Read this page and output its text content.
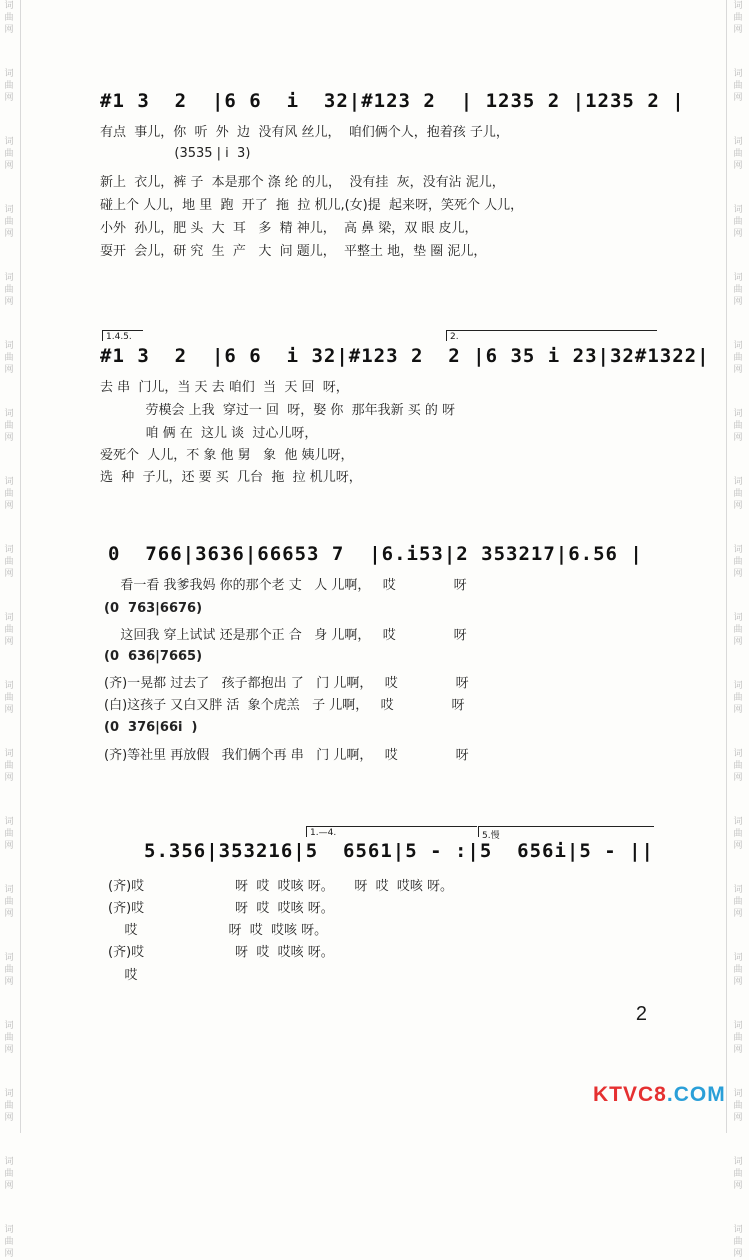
词
曲
网
词
曲
网
词
曲
网
词
曲
网
词
曲
网
词
曲
网
词
曲
网
词
曲
网
词
曲
网
词
曲
网
词
曲
网
词
曲
网
词
曲
网
词
曲
网
词
曲
网
词
曲
网
词
曲
网
词
曲
网
词
曲
网
词
曲
网
词
曲
网
词
曲
网
词
曲
网
词
曲
网
词
曲
网
词
曲
网
词
曲
网
词
曲
网
词
曲
网
词
曲
网
词
曲
网
词
曲
网
词
曲
网
词
曲
网
词
曲
网
词
曲
网
词
曲
网
词
曲
网
#1 3  2  |6 6  i  32|#123 2  | 1235 2 |1235 2 |
有点  事儿，你  听  外  边  没有风 丝儿，  咱们俩个人，抱着孩 子儿，
(3535 | i  3)
新上  衣儿，裤 子  本是那个 涤 纶 的儿，  没有挂  灰，没有沾 泥儿，
碰上个 人儿，地 里  跑  开了  拖  拉 机儿,(女)提  起来呀，笑死个 人儿，
小外  孙儿，肥 头  大  耳   多  精 神儿，  高 鼻 梁，双 眼 皮儿，
耍开  会儿，研 究  生  产   大  问 题儿，  平整土 地，垫 圈 泥儿，
1.4.5.	2.
#1 3  2  |6 6  i 32|#123 2  2 |6 35 i 23|32#1322|
去 串  门儿，当 天 去 咱们  当  天 回  呀，
劳模会 上我  穿过一 回  呀，娶 你  那年我新 买 的 呀
咱 俩 在  这儿 谈  过心儿呀，
爱死个  人儿，不 象 他 舅   象  他 姨儿呀，
选  种  子儿，还 要 买  几台  拖  拉 机儿呀，
0  766|3636|66653 7  |6.i53|2 353217|6.56 |
看一看 我爹我妈 你的那个老 丈   人 儿啊，   哎              呀
(0  763|6676)
这回我 穿上试试 还是那个正 合   身 儿啊，   哎              呀
(0  636|7665)
(齐)一晃都 过去了   孩子都抱出 了   门 儿啊，   哎              呀
(白)这孩子 又白又胖 活  象个虎羔   子 儿啊，   哎              呀
(0  376|66i  )
(齐)等社里 再放假   我们俩个再 串   门 儿啊，   哎              呀
1.—4.	5.慢
5.356|353216|5  6561|5 - :|5  656i|5 - ||
(齐)哎                      呀  哎  哎咳 呀。     呀  哎  哎咳 呀。
(齐)哎                      呀  哎  哎咳 呀。
哎                      呀  哎  哎咳 呀。
(齐)哎                      呀  哎  哎咳 呀。
哎
2
KTVC8.COM
